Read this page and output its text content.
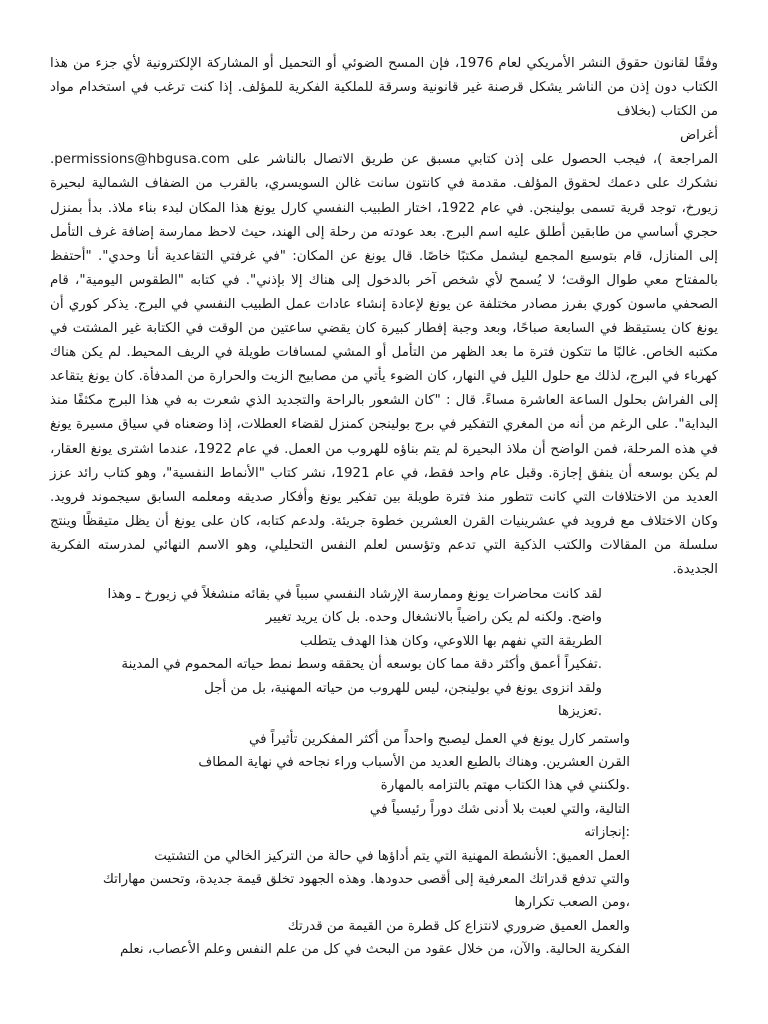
وفقًا لقانون حقوق النشر الأمريكي لعام 1976، فإن المسح الضوئي أو التحميل أو المشاركة الإلكترونية لأي جزء من هذا الكتاب دون إذن من الناشر يشكل قرصنة غير قانونية وسرقة للملكية الفكرية للمؤلف. إذا كنت ترغب في استخدام مواد من الكتاب (بخلاف

أغراض

المراجعة )، فيجب الحصول على إذن كتابي مسبق عن طريق الاتصال بالناشر على permissions@hbgusa.com. نشكرك على دعمك لحقوق المؤلف. مقدمة في كانتون سانت غالن السويسري، بالقرب من الضفاف الشمالية لبحيرة زيورخ، توجد قرية تسمى بولينجن. في عام 1922، اختار الطبيب النفسي كارل يونغ هذا المكان لبدء بناء ملاذ. بدأ بمنزل حجري أساسي من طابقين أطلق عليه اسم البرج. بعد عودته من رحلة إلى الهند، حيث لاحظ ممارسة إضافة غرف التأمل إلى المنازل، قام بتوسيع المجمع ليشمل مكتبًا خاصًا. قال يونغ عن المكان: "في غرفتي التقاعدية أنا وحدي". "أحتفظ بالمفتاح معي طوال الوقت؛ لا يُسمح لأي شخص آخر بالدخول إلى هناك إلا بإذني". في كتابه "الطقوس اليومية"، قام الصحفي ماسون كوري بفرز مصادر مختلفة عن يونغ لإعادة إنشاء عادات عمل الطبيب النفسي في البرج. يذكر كوري أن يونغ كان يستيقظ في السابعة صباحًا، وبعد وجبة إفطار كبيرة كان يقضي ساعتين من الوقت في الكتابة غير المشتت في مكتبه الخاص. غالبًا ما تتكون فترة ما بعد الظهر من التأمل أو المشي لمسافات طويلة في الريف المحيط. لم يكن هناك كهرباء في البرج، لذلك مع حلول الليل في النهار، كان الضوء يأتي من مصابيح الزيت والحرارة من المدفأة. كان يونغ يتقاعد إلى الفراش بحلول الساعة العاشرة مساءً. قال : "كان الشعور بالراحة والتجديد الذي شعرت به في هذا البرج مكثفًا منذ البداية". على الرغم من أنه من المغري التفكير في برج بولينجن كمنزل لقضاء العطلات، إذا وضعناه في سياق مسيرة يونغ في هذه المرحلة، فمن الواضح أن ملاذ البحيرة لم يتم بناؤه للهروب من العمل. في عام 1922، عندما اشترى يونغ العقار، لم يكن بوسعه أن ينفق إجازة. وقبل عام واحد فقط، في عام 1921، نشر كتاب "الأنماط النفسية"، وهو كتاب رائد عزز العديد من الاختلافات التي كانت تتطور منذ فترة طويلة بين تفكير يونغ وأفكار صديقه ومعلمه السابق سيجموند فرويد. وكان الاختلاف مع فرويد في عشرينيات القرن العشرين خطوة جريئة. ولدعم كتابه، كان على يونغ أن يظل متيقظًا وينتج سلسلة من المقالات والكتب الذكية التي تدعم وتؤسس لعلم النفس التحليلي، وهو الاسم النهائي لمدرسته الفكرية الجديدة.

لقد كانت محاضرات يونغ وممارسة الإرشاد النفسي سبباً في بقائه منشغلاً في زيورخ ـ وهذا

واضح. ولكنه لم يكن راضياً بالانشغال وحده. بل كان يريد تغيير

الطريقة التي نفهم بها اللاوعي، وكان هذا الهدف يتطلب

.تفكيراً أعمق وأكثر دقة مما كان بوسعه أن يحققه وسط نمط حياته المحموم في المدينة

ولقد انزوى يونغ في بولينجن، ليس للهروب من حياته المهنية، بل من أجل

.تعزيزها

واستمر كارل يونغ في العمل ليصبح واحداً من أكثر المفكرين تأثيراً في

القرن العشرين. وهناك بالطبع العديد من الأسباب وراء نجاحه في نهاية المطاف

.ولكنني في هذا الكتاب مهتم بالتزامه بالمهارة

التالية، والتي لعبت بلا أدنى شك دوراً رئيسياً في

:إنجازاته

العمل العميق: الأنشطة المهنية التي يتم أداؤها في حالة من التركيز الخالي من التشتيت

والتي تدفع قدراتك المعرفية إلى أقصى حدودها. وهذه الجهود تخلق قيمة جديدة، وتحسن مهاراتك

،ومن الصعب تكرارها

والعمل العميق ضروري لانتزاع كل قطرة من القيمة من قدرتك

الفكرية الحالية. والآن، من خلال عقود من البحث في كل من علم النفس وعلم الأعصاب، نعلم
